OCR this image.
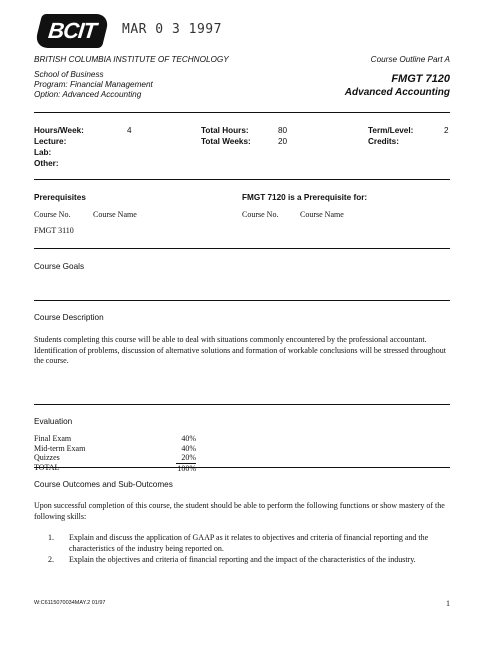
BCIT	MAR 0 3 1997
BRITISH COLUMBIA INSTITUTE OF TECHNOLOGY	Course Outline Part A
School of Business
Program: Financial Management
Option: Advanced Accounting
FMGT 7120
Advanced Accounting
Hours/Week:	4
Lecture:
Lab:
Other:
Total Hours:	80
Total Weeks:	20
Term/Level:	2
Credits:
Prerequisites	FMGT 7120 is a Prerequisite for:
Course No.	Course Name	Course No.	Course Name
FMGT 3110
Course Goals
Course Description
Students completing this course will be able to deal with situations commonly encountered by the professional accountant. Identification of problems, discussion of alternative solutions and formation of workable conclusions will be stressed throughout the course.
Evaluation
Final Exam	40%
Mid-term Exam	40%
Quizzes	20%
TOTAL	100%
Course Outcomes and Sub-Outcomes
Upon successful completion of this course, the student should be able to perform the following functions or show mastery of the following skills:
1. Explain and discuss the application of GAAP as it relates to objectives and criteria of financial reporting and the characteristics of the industry being reported on.
2. Explain the objectives and criteria of financial reporting and the impact of the characteristics of the industry.
W:C6115070034MAY.2 01/97	1
